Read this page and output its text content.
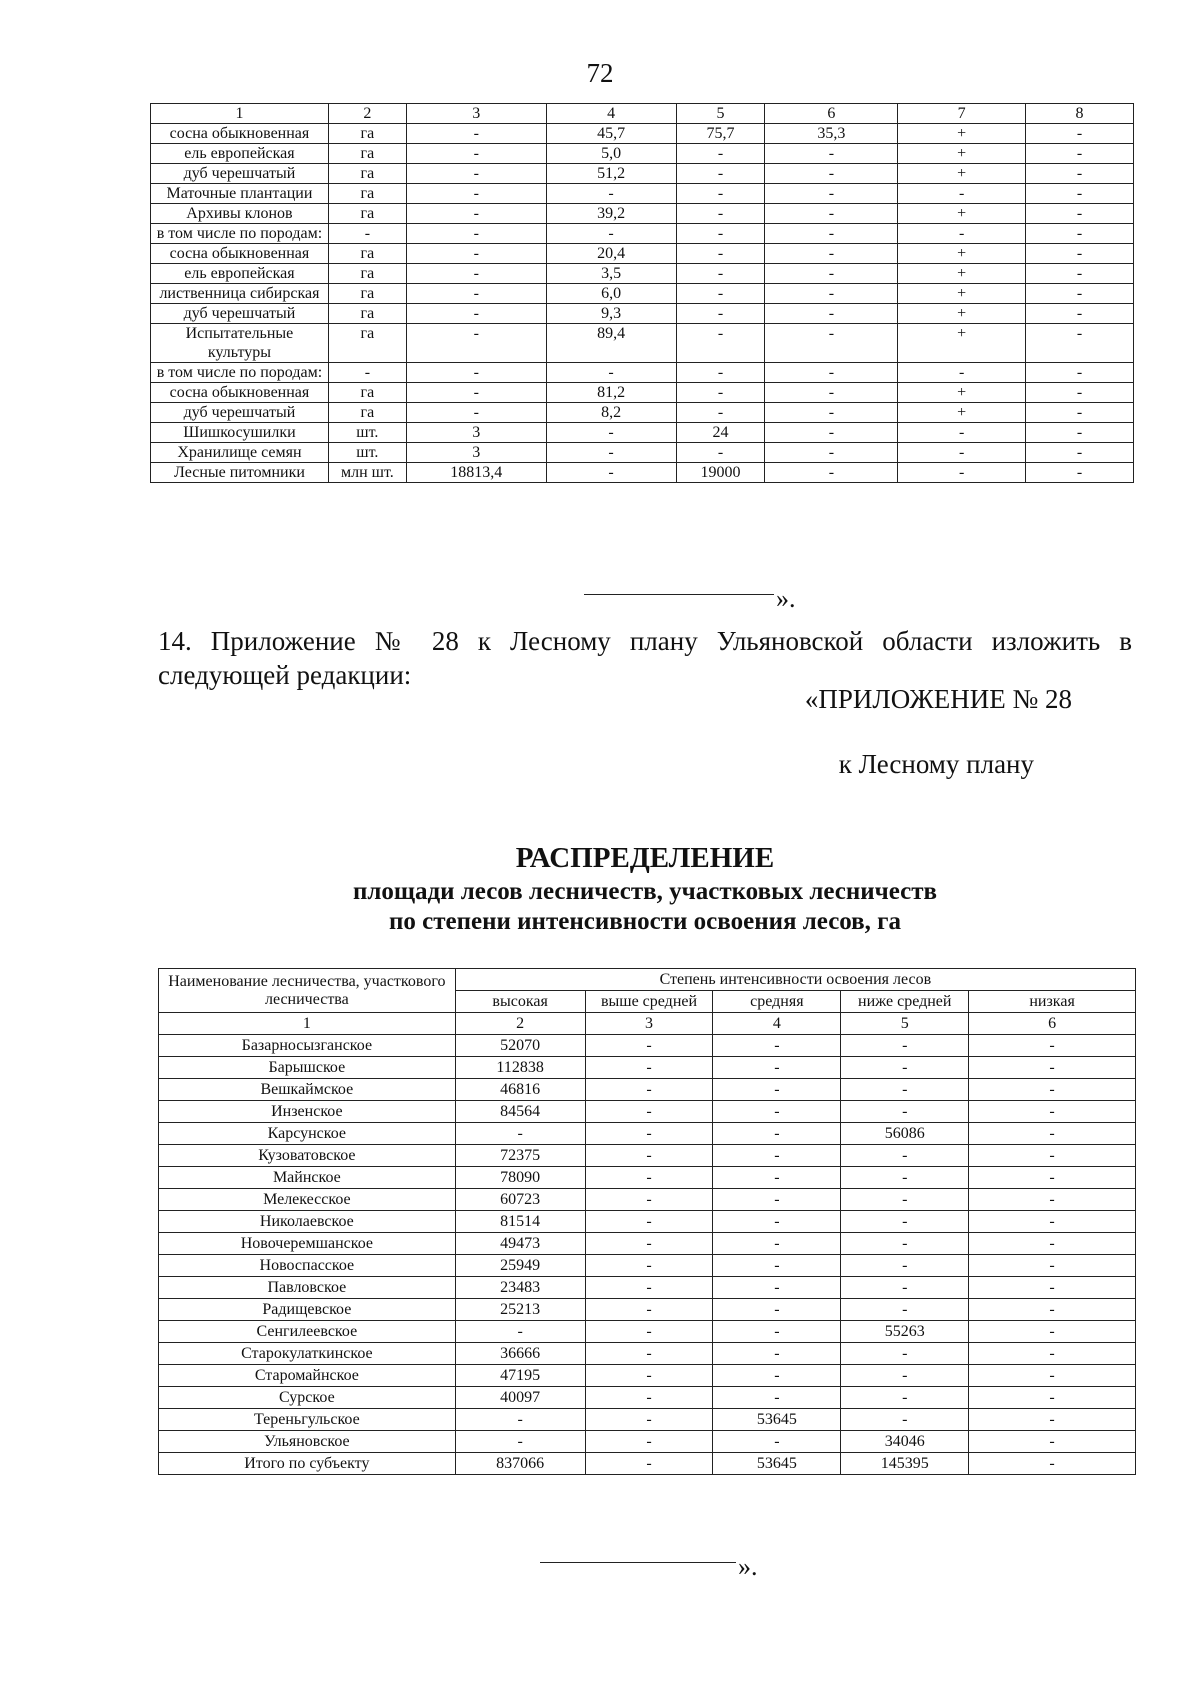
72
1	2	3	4	5	6	7	8
сосна обыкновенная	га	-	45,7	75,7	35,3	+	-
ель европейская	га	-	5,0	-	-	+	-
дуб черешчатый	га	-	51,2	-	-	+	-
Маточные плантации	га	-	-	-	-	-	-
Архивы клонов	га	-	39,2	-	-	+	-
в том числе по породам:	-	-	-	-	-	-	-
сосна обыкновенная	га	-	20,4	-	-	+	-
ель европейская	га	-	3,5	-	-	+	-
лиственница сибирская	га	-	6,0	-	-	+	-
дуб черешчатый	га	-	9,3	-	-	+	-
Испытательные культуры	га	-	89,4	-	-	+	-
в том числе по породам:	-	-	-	-	-	-	-
сосна обыкновенная	га	-	81,2	-	-	+	-
дуб черешчатый	га	-	8,2	-	-	+	-
Шишкосушилки	шт.	3	-	24	-	-	-
Хранилище семян	шт.	3	-	-	-	-	-
Лесные питомники	млн шт.	18813,4	-	19000	-	-	-
».
14. Приложение № 28 к Лесному плану Ульяновской области изложить в следующей редакции:
«ПРИЛОЖЕНИЕ № 28
к Лесному плану
РАСПРЕДЕЛЕНИЕ
площади лесов лесничеств, участковых лесничеств
по степени интенсивности освоения лесов, га
Наименование лесничества, участкового лесничества	Степень интенсивности освоения лесов				
	высокая	выше средней	средняя	ниже средней	низкая
1	2	3	4	5	6
Базарносызганское	52070	-	-	-	-
Барышское	112838	-	-	-	-
Вешкаймское	46816	-	-	-	-
Инзенское	84564	-	-	-	-
Карсунское	-	-	-	56086	-
Кузоватовское	72375	-	-	-	-
Майнское	78090	-	-	-	-
Мелекесское	60723	-	-	-	-
Николаевское	81514	-	-	-	-
Новочеремшанское	49473	-	-	-	-
Новоспасское	25949	-	-	-	-
Павловское	23483	-	-	-	-
Радищевское	25213	-	-	-	-
Сенгилеевское	-	-	-	55263	-
Старокулаткинское	36666	-	-	-	-
Старомайнское	47195	-	-	-	-
Сурское	40097	-	-	-	-
Тереньгульское	-	-	53645	-	-
Ульяновское	-	-	-	34046	-
Итого по субъекту	837066	-	53645	145395	-
».
